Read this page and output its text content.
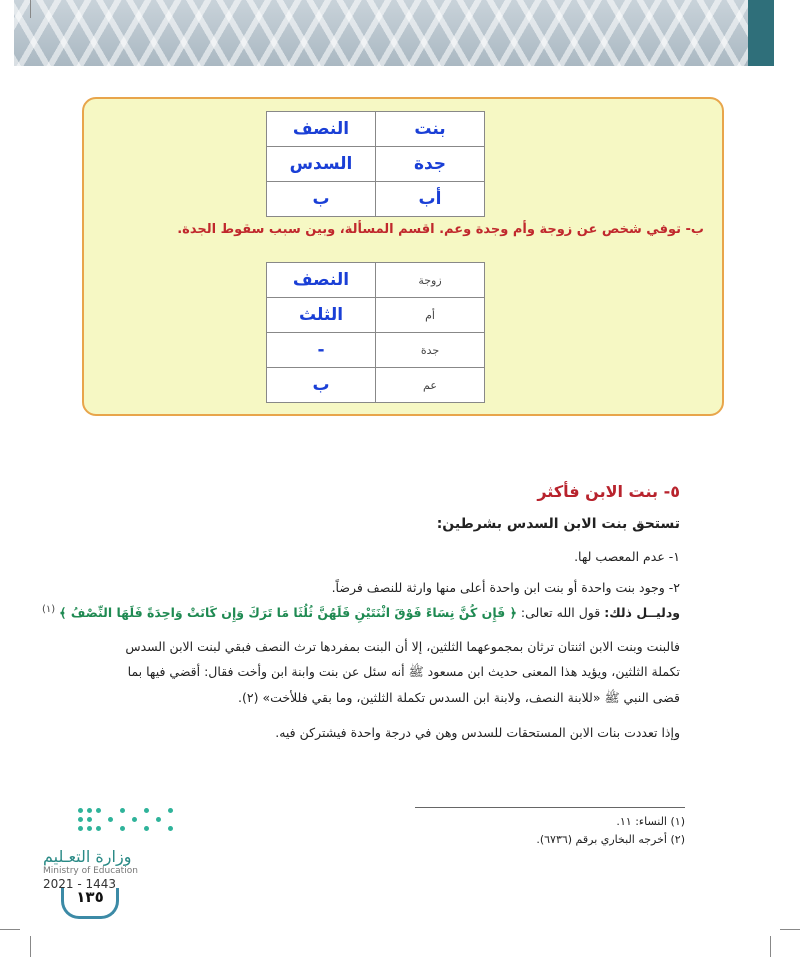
بنت	النصف
جدة	السدس
أب	ب
ب- توفي شخص عن زوجة وأم وجدة وعم. اقسم المسألة، وبين سبب سقوط الجدة.
زوجة	النصف
أم	الثلث
جدة	-
عم	ب
٥- بنت الابن فأكثر
تستحق بنت الابن السدس بشرطين:
١- عدم المعصب لها.
٢- وجود بنت واحدة أو بنت ابن واحدة أعلى منها وارثة للنصف فرضاً.
ودليــل ذلك: قول الله تعالى: ﴿ فَإِن كُنَّ نِسَاءً فَوْقَ اثْنَتَيْنِ فَلَهُنَّ ثُلُثَا مَا تَرَكَ وَإِن كَانَتْ وَاحِدَةً فَلَهَا النِّصْفُ ﴾ $^{(١)}$
فالبنت وبنت الابن اثنتان ترثان بمجموعهما الثلثين، إلا أن البنت بمفردها ترث النصف فبقي لبنت الابن السدس
تكملة الثلثين، ويؤيد هذا المعنى حديث ابن مسعود ﷺ أنه سئل عن بنت وابنة ابن وأخت فقال: أقضي فيها بما
قضى النبي ﷺ «للابنة النصف، ولابنة ابن السدس تكملة الثلثين، وما بقي فللأخت» (٢).
وإذا تعددت بنات الابن المستحقات للسدس وهن في درجة واحدة فيشتركن فيه.
(١) النساء: ١١.
(٢) أخرجه البخاري برقم (٦٧٣٦).
وزارة التعـليم
Ministry of Education
2021 - 1443
١٣٥
